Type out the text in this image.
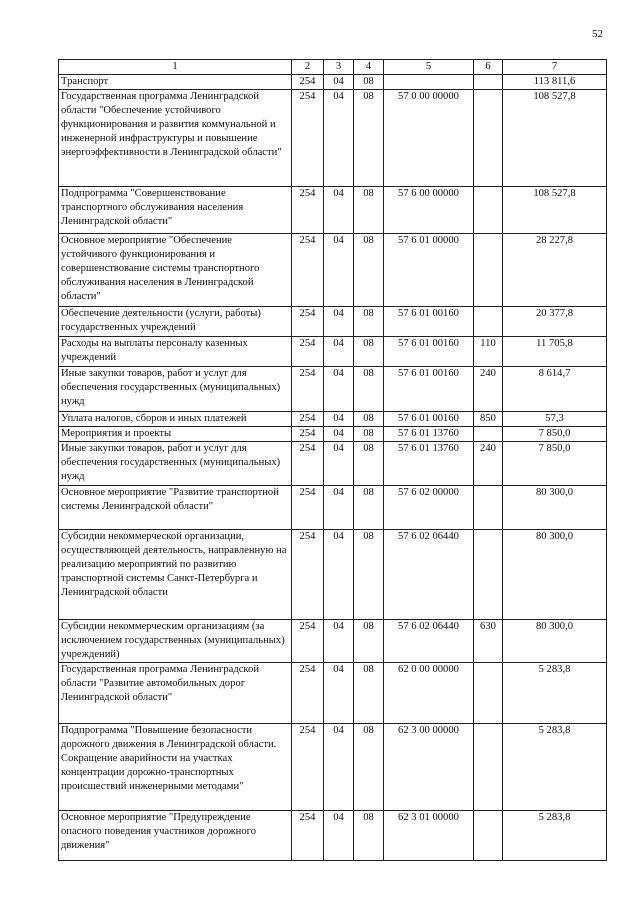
52
1	2	3	4	5	6	7
Транспорт	254	04	08			113 811,6
Государственная программа Ленинградской области "Обеспечение устойчивого функционирования и развития коммунальной и инженерной инфраструктуры и повышение энергоэффективности в Ленинградской области"	254	04	08	57 0 00 00000		108 527,8
Подпрограмма "Совершенствование транспортного обслуживания населения Ленинградской области"	254	04	08	57 6 00 00000		108 527,8
Основное мероприятие "Обеспечение устойчивого функционирования и совершенствование системы транспортного обслуживания населения в Ленинградской области"	254	04	08	57 6 01 00000		28 227,8
Обеспечение деятельности (услуги, работы) государственных учреждений	254	04	08	57 6 01 00160		20 377,8
Расходы на выплаты персоналу казенных учреждений	254	04	08	57 6 01 00160	110	11 705,8
Иные закупки товаров, работ и услуг для обеспечения государственных (муниципальных) нужд	254	04	08	57 6 01 00160	240	8 614,7
Уплата налогов, сборов и иных платежей	254	04	08	57 6 01 00160	850	57,3
Мероприятия и проекты	254	04	08	57 6 01 13760		7 850,0
Иные закупки товаров, работ и услуг для обеспечения государственных (муниципальных) нужд	254	04	08	57 6 01 13760	240	7 850,0
Основное мероприятие "Развитие транспортной системы Ленинградской области"	254	04	08	57 6 02 00000		80 300,0
Субсидии некоммерческой организации, осуществляющей деятельность, направленную на реализацию мероприятий по развитию транспортной системы Санкт-Петербурга и Ленинградской области	254	04	08	57 6 02 06440		80 300,0
Субсидии некоммерческим организациям (за исключением государственных (муниципальных) учреждений)	254	04	08	57 6 02 06440	630	80 300,0
Государственная программа Ленинградской области "Развитие автомобильных дорог Ленинградской области"	254	04	08	62 0 00 00000		5 283,8
Подпрограмма "Повышение безопасности дорожного движения в Ленинградской области. Сокращение аварийности на участках концентрации дорожно-транспортных происшествий инженерными методами"	254	04	08	62 3 00 00000		5 283,8
Основное мероприятие "Предупреждение опасного поведения участников дорожного движения"	254	04	08	62 3 01 00000		5 283,8
